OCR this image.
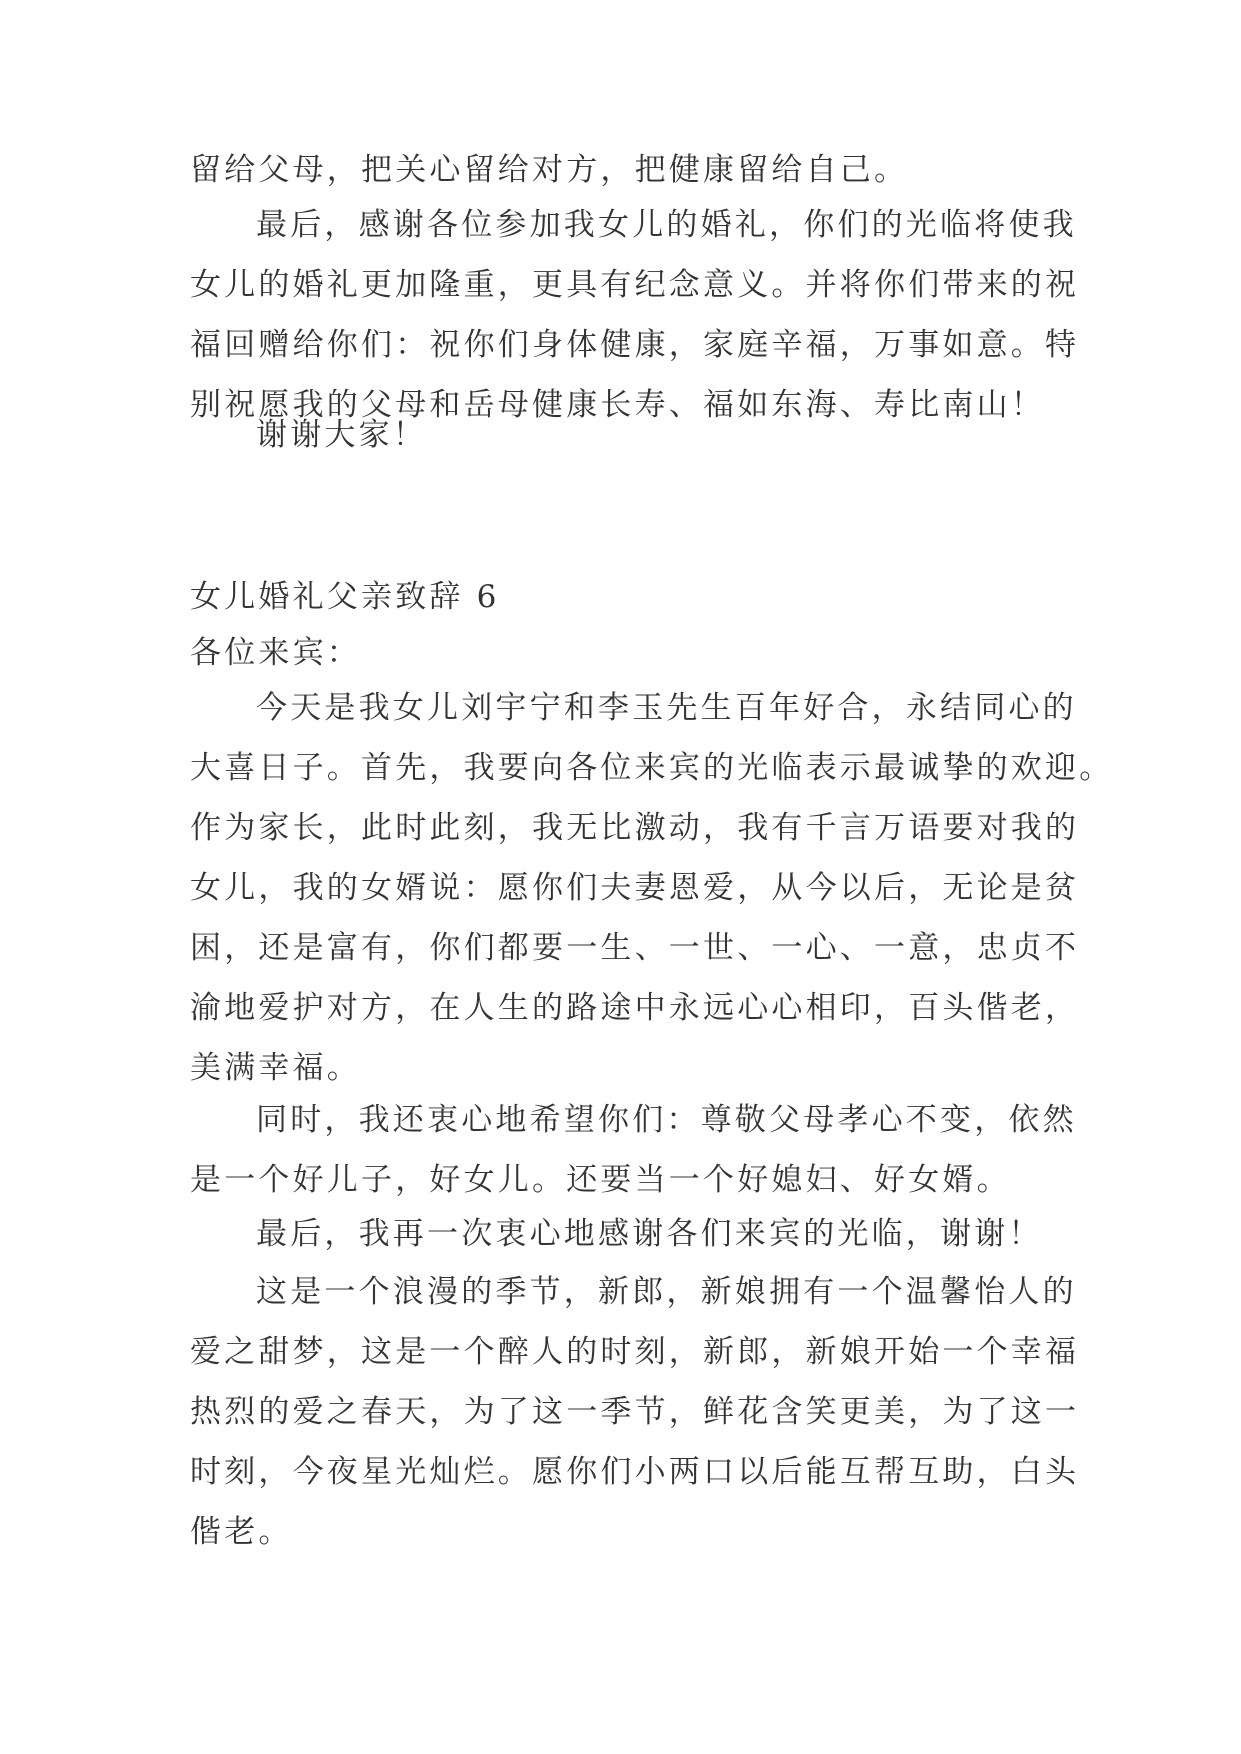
留给父母，把关心留给对方，把健康留给自己。

最后，感谢各位参加我女儿的婚礼，你们的光临将使我

女儿的婚礼更加隆重，更具有纪念意义。并将你们带来的祝

福回赠给你们：祝你们身体健康，家庭辛福，万事如意。特

别祝愿我的父母和岳母健康长寿、福如东海、寿比南山！

谢谢大家！

女儿婚礼父亲致辞 6

各位来宾：

今天是我女儿刘宇宁和李玉先生百年好合，永结同心的

大喜日子。首先，我要向各位来宾的光临表示最诚挚的欢迎。

作为家长，此时此刻，我无比激动，我有千言万语要对我的

女儿，我的女婿说：愿你们夫妻恩爱，从今以后，无论是贫

困，还是富有，你们都要一生、一世、一心、一意，忠贞不

渝地爱护对方，在人生的路途中永远心心相印，百头偕老，

美满幸福。

同时，我还衷心地希望你们：尊敬父母孝心不变，依然

是一个好儿子，好女儿。还要当一个好媳妇、好女婿。

最后，我再一次衷心地感谢各们来宾的光临，谢谢！

这是一个浪漫的季节，新郎，新娘拥有一个温馨怡人的

爱之甜梦，这是一个醉人的时刻，新郎，新娘开始一个幸福

热烈的爱之春天，为了这一季节，鲜花含笑更美，为了这一

时刻，今夜星光灿烂。愿你们小两口以后能互帮互助，白头

偕老。
